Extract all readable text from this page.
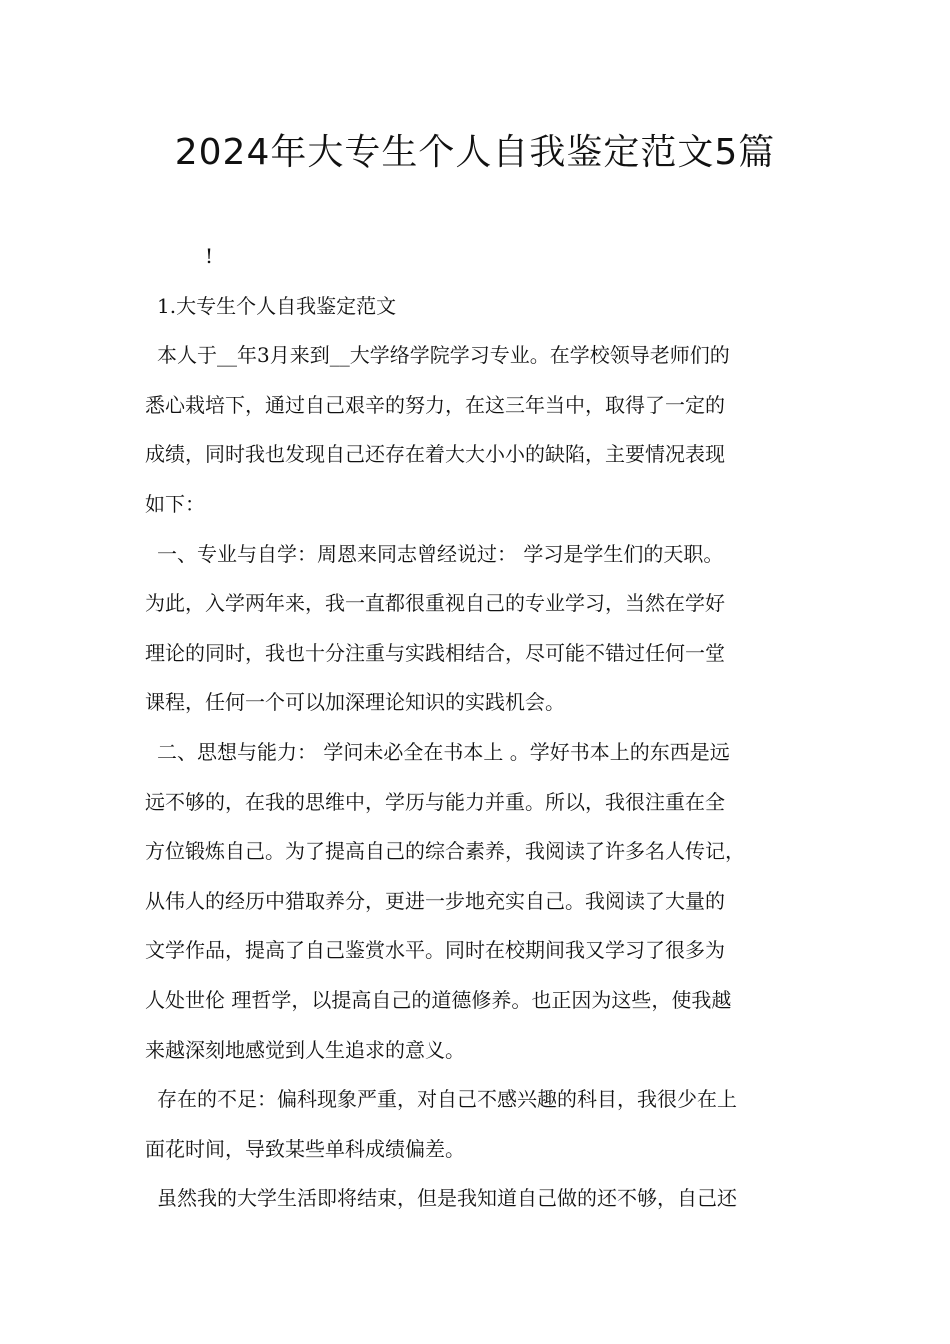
2024年大专生个人自我鉴定范文5篇

!

1.大专生个人自我鉴定范文

本人于__年3月来到__大学络学院学习专业。在学校领导老师们的

悉心栽培下，通过自己艰辛的努力，在这三年当中，取得了一定的

成绩，同时我也发现自己还存在着大大小小的缺陷，主要情况表现

如下：

一、专业与自学：周恩来同志曾经说过： 学习是学生们的天职。

为此，入学两年来，我一直都很重视自己的专业学习，当然在学好

理论的同时，我也十分注重与实践相结合，尽可能不错过任何一堂

课程，任何一个可以加深理论知识的实践机会。

二、思想与能力： 学问未必全在书本上 。学好书本上的东西是远

远不够的，在我的思维中，学历与能力并重。所以，我很注重在全

方位锻炼自己。为了提高自己的综合素养，我阅读了许多名人传记，

从伟人的经历中猎取养分，更进一步地充实自己。我阅读了大量的

文学作品，提高了自己鉴赏水平。同时在校期间我又学习了很多为

人处世伦 理哲学，以提高自己的道德修养。也正因为这些，使我越

来越深刻地感觉到人生追求的意义。

存在的不足：偏科现象严重，对自己不感兴趣的科目，我很少在上

面花时间，导致某些单科成绩偏差。

虽然我的大学生活即将结束，但是我知道自己做的还不够，自己还
